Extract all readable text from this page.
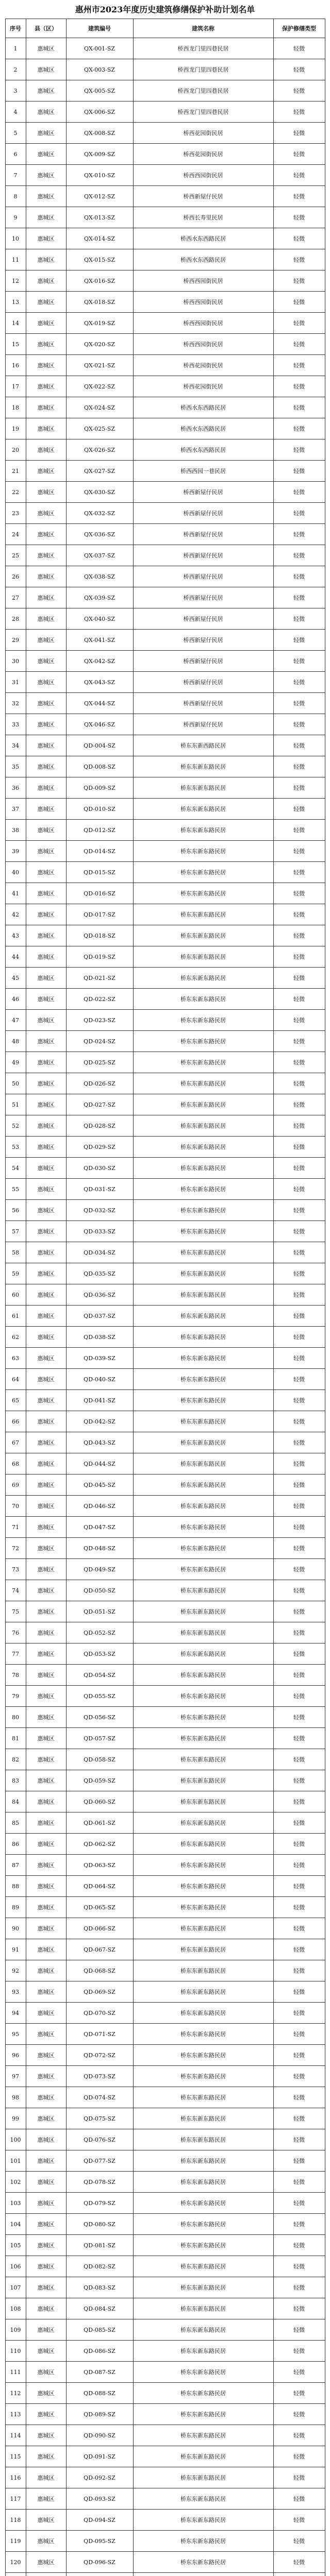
惠州市2023年度历史建筑修缮保护补助计划名单
序号	县（区）	建筑编号	建筑名称	保护修缮类型
1	惠城区	QX-001-SZ	桥西龙门里四巷民居	轻微
2	惠城区	QX-003-SZ	桥西龙门里四巷民居	轻微
3	惠城区	QX-005-SZ	桥西龙门里四巷民居	轻微
4	惠城区	QX-006-SZ	桥西龙门里四巷民居	轻微
5	惠城区	QX-008-SZ	桥西花园街民居	轻微
6	惠城区	QX-009-SZ	桥西花园街民居	轻微
7	惠城区	QX-010-SZ	桥西西园街民居	轻微
8	惠城区	QX-012-SZ	桥西新屋仔民居	轻微
9	惠城区	QX-013-SZ	桥西长寿里民居	轻微
10	惠城区	QX-014-SZ	桥西水东西路民居	轻微
11	惠城区	QX-015-SZ	桥西水东西路民居	轻微
12	惠城区	QX-016-SZ	桥西西园街民居	轻微
13	惠城区	QX-018-SZ	桥西西园街民居	轻微
14	惠城区	QX-019-SZ	桥西西园街民居	轻微
15	惠城区	QX-020-SZ	桥西西园街民居	轻微
16	惠城区	QX-021-SZ	桥西花园街民居	轻微
17	惠城区	QX-022-SZ	桥西花园街民居	轻微
18	惠城区	QX-024-SZ	桥西水东西路民居	轻微
19	惠城区	QX-025-SZ	桥西水东西路民居	轻微
20	惠城区	QX-026-SZ	桥西水东西路民居	轻微
21	惠城区	QX-027-SZ	桥西西园一巷民居	轻微
22	惠城区	QX-030-SZ	桥西新屋仔民居	轻微
23	惠城区	QX-032-SZ	桥西新屋仔民居	轻微
24	惠城区	QX-036-SZ	桥西新屋仔民居	轻微
25	惠城区	QX-037-SZ	桥西新屋仔民居	轻微
26	惠城区	QX-038-SZ	桥西新屋仔民居	轻微
27	惠城区	QX-039-SZ	桥西新屋仔民居	轻微
28	惠城区	QX-040-SZ	桥西新屋仔民居	轻微
29	惠城区	QX-041-SZ	桥西新屋仔民居	轻微
30	惠城区	QX-042-SZ	桥西新屋仔民居	轻微
31	惠城区	QX-043-SZ	桥西新屋仔民居	轻微
32	惠城区	QX-044-SZ	桥西新屋仔民居	轻微
33	惠城区	QX-046-SZ	桥西新屋仔民居	轻微
34	惠城区	QD-004-SZ	桥东东新西路民居	轻微
35	惠城区	QD-008-SZ	桥东东新东路民居	轻微
36	惠城区	QD-009-SZ	桥东东新东路民居	轻微
37	惠城区	QD-010-SZ	桥东东新东路民居	轻微
38	惠城区	QD-012-SZ	桥东东新东路民居	轻微
39	惠城区	QD-014-SZ	桥东东新东路民居	轻微
40	惠城区	QD-015-SZ	桥东东新东路民居	轻微
41	惠城区	QD-016-SZ	桥东东新东路民居	轻微
42	惠城区	QD-017-SZ	桥东东新东路民居	轻微
43	惠城区	QD-018-SZ	桥东东新东路民居	轻微
44	惠城区	QD-019-SZ	桥东东新东路民居	轻微
45	惠城区	QD-021-SZ	桥东东新东路民居	轻微
46	惠城区	QD-022-SZ	桥东东新东路民居	轻微
47	惠城区	QD-023-SZ	桥东东新东路民居	轻微
48	惠城区	QD-024-SZ	桥东东新东路民居	轻微
49	惠城区	QD-025-SZ	桥东东新东路民居	轻微
50	惠城区	QD-026-SZ	桥东东新东路民居	轻微
51	惠城区	QD-027-SZ	桥东东新东路民居	轻微
52	惠城区	QD-028-SZ	桥东东新东路民居	轻微
53	惠城区	QD-029-SZ	桥东东新东路民居	轻微
54	惠城区	QD-030-SZ	桥东东新东路民居	轻微
55	惠城区	QD-031-SZ	桥东东新东路民居	轻微
56	惠城区	QD-032-SZ	桥东东新东路民居	轻微
57	惠城区	QD-033-SZ	桥东东新东路民居	轻微
58	惠城区	QD-034-SZ	桥东东新东路民居	轻微
59	惠城区	QD-035-SZ	桥东东新东路民居	轻微
60	惠城区	QD-036-SZ	桥东东新东路民居	轻微
61	惠城区	QD-037-SZ	桥东东新东路民居	轻微
62	惠城区	QD-038-SZ	桥东东新东路民居	轻微
63	惠城区	QD-039-SZ	桥东东新东路民居	轻微
64	惠城区	QD-040-SZ	桥东东新东路民居	轻微
65	惠城区	QD-041-SZ	桥东东新东路民居	轻微
66	惠城区	QD-042-SZ	桥东东新东路民居	轻微
67	惠城区	QD-043-SZ	桥东东新东路民居	轻微
68	惠城区	QD-044-SZ	桥东东新东路民居	轻微
69	惠城区	QD-045-SZ	桥东东新东路民居	轻微
70	惠城区	QD-046-SZ	桥东东新东路民居	轻微
71	惠城区	QD-047-SZ	桥东东新东路民居	轻微
72	惠城区	QD-048-SZ	桥东东新东路民居	轻微
73	惠城区	QD-049-SZ	桥东东新东路民居	轻微
74	惠城区	QD-050-SZ	桥东东新东路民居	轻微
75	惠城区	QD-051-SZ	桥东东新东路民居	轻微
76	惠城区	QD-052-SZ	桥东东新东路民居	轻微
77	惠城区	QD-053-SZ	桥东东新东路民居	轻微
78	惠城区	QD-054-SZ	桥东东新东路民居	轻微
79	惠城区	QD-055-SZ	桥东东新东路民居	轻微
80	惠城区	QD-056-SZ	桥东东新东路民居	轻微
81	惠城区	QD-057-SZ	桥东东新东路民居	轻微
82	惠城区	QD-058-SZ	桥东东新东路民居	轻微
83	惠城区	QD-059-SZ	桥东东新东路民居	轻微
84	惠城区	QD-060-SZ	桥东东新东路民居	轻微
85	惠城区	QD-061-SZ	桥东东新东路民居	轻微
86	惠城区	QD-062-SZ	桥东东新东路民居	轻微
87	惠城区	QD-063-SZ	桥东东新东路民居	轻微
88	惠城区	QD-064-SZ	桥东东新东路民居	轻微
89	惠城区	QD-065-SZ	桥东东新东路民居	轻微
90	惠城区	QD-066-SZ	桥东东新东路民居	轻微
91	惠城区	QD-067-SZ	桥东东新东路民居	轻微
92	惠城区	QD-068-SZ	桥东东新东路民居	轻微
93	惠城区	QD-069-SZ	桥东东新东路民居	轻微
94	惠城区	QD-070-SZ	桥东东新东路民居	轻微
95	惠城区	QD-071-SZ	桥东东新东路民居	轻微
96	惠城区	QD-072-SZ	桥东东新东路民居	轻微
97	惠城区	QD-073-SZ	桥东东新东路民居	轻微
98	惠城区	QD-074-SZ	桥东东新东路民居	轻微
99	惠城区	QD-075-SZ	桥东东新东路民居	轻微
100	惠城区	QD-076-SZ	桥东东新东路民居	轻微
101	惠城区	QD-077-SZ	桥东东新东路民居	轻微
102	惠城区	QD-078-SZ	桥东东新东路民居	轻微
103	惠城区	QD-079-SZ	桥东东新东路民居	轻微
104	惠城区	QD-080-SZ	桥东东新东路民居	轻微
105	惠城区	QD-081-SZ	桥东东新东路民居	轻微
106	惠城区	QD-082-SZ	桥东东新东路民居	轻微
107	惠城区	QD-083-SZ	桥东东新东路民居	轻微
108	惠城区	QD-084-SZ	桥东东新东路民居	轻微
109	惠城区	QD-085-SZ	桥东东新东路民居	轻微
110	惠城区	QD-086-SZ	桥东东新东路民居	轻微
111	惠城区	QD-087-SZ	桥东东新东路民居	轻微
112	惠城区	QD-088-SZ	桥东东新东路民居	轻微
113	惠城区	QD-089-SZ	桥东东新东路民居	轻微
114	惠城区	QD-090-SZ	桥东东新东路民居	轻微
115	惠城区	QD-091-SZ	桥东东新东路民居	轻微
116	惠城区	QD-092-SZ	桥东东新东路民居	轻微
117	惠城区	QD-093-SZ	桥东东新东路民居	轻微
118	惠城区	QD-094-SZ	桥东东新东路民居	轻微
119	惠城区	QD-095-SZ	桥东东新东路民居	轻微
120	惠城区	QD-096-SZ	桥东东新东路民居	轻微
